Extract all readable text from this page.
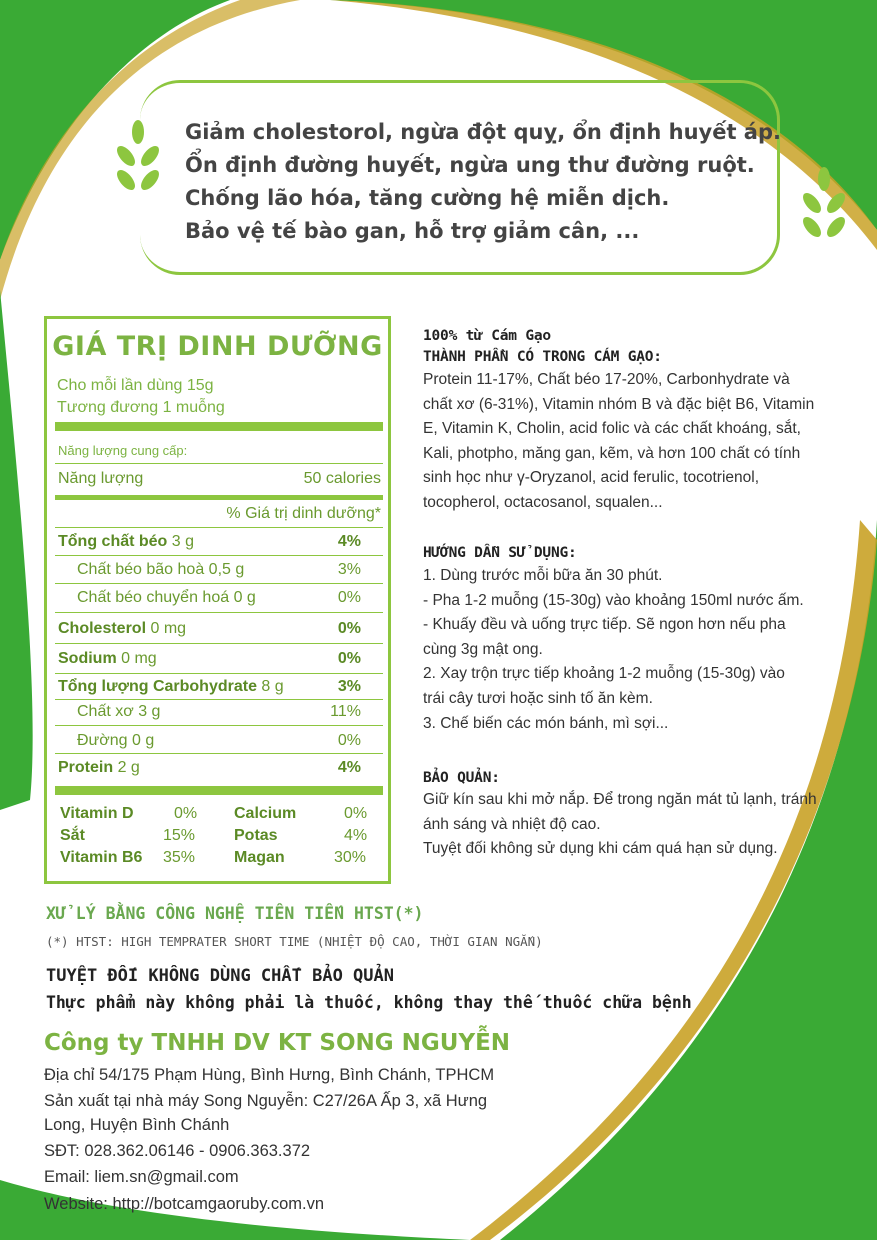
Giảm cholestorol, ngừa đột quỵ, ổn định huyết áp.
Ổn định đường huyết, ngừa ung thư đường ruột.
Chống lão hóa, tăng cường hệ miễn dịch.
Bảo vệ tế bào gan, hỗ trợ giảm cân, ...
GIÁ TRỊ DINH DƯỠNG
Cho mỗi lần dùng 15g
Tương đương 1 muỗng
Năng lượng cung cấp:
Năng lượng	50 calories
% Giá trị dinh dưỡng*
Tổng chất béo 3 g	4%
Chất béo bão hoà 0,5 g	3%
Chất béo chuyển hoá 0 g	0%
Cholesterol 0 mg	0%
Sodium 0 mg	0%
Tổng lượng Carbohydrate 8 g	3%
Chất xơ 3 g	11%
Đường 0 g	0%
Protein 2 g	4%
Vitamin D	0% Calcium	0%
Sắt	15% Potas	4%
Vitamin B6 35% Magan	30%
100% từ Cám Gạo
THÀNH PHẦN CÓ TRONG CÁM GẠO:
Protein 11-17%, Chất béo 17-20%, Carbonhydrate và
chất xơ (6-31%), Vitamin nhóm B và đặc biệt B6, Vitamin
E, Vitamin K, Cholin, acid folic và các chất khoáng, sắt,
Kali, photpho, măng gan, kẽm, và hơn 100 chất có tính
sinh học như γ-Oryzanol, acid ferulic, tocotrienol,
tocopherol, octacosanol, squalen...
HƯỚNG DẪN SỬ DỤNG:
1. Dùng trước mỗi bữa ăn 30 phút.
- Pha 1-2 muỗng (15-30g) vào khoảng 150ml nước ấm.
- Khuấy đều và uống trực tiếp. Sẽ ngon hơn nếu pha
cùng 3g mật ong.
2. Xay trộn trực tiếp khoảng 1-2 muỗng (15-30g) vào
trái cây tươi hoặc sinh tố ăn kèm.
3. Chế biến các món bánh, mì sợi...
BẢO QUẢN:
Giữ kín sau khi mở nắp. Để trong ngăn mát tủ lạnh, tránh
ánh sáng và nhiệt độ cao.
Tuyệt đối không sử dụng khi cám quá hạn sử dụng.
XỬ LÝ BẰNG CÔNG NGHỆ TIÊN TIẾN HTST(*)
(*) HTST: HIGH TEMPRATER SHORT TIME (NHIỆT ĐỘ CAO, THỜI GIAN NGẮN)
TUYỆT ĐỐI KHÔNG DÙNG CHẤT BẢO QUẢN
Thực phẩm này không phải là thuốc, không thay thế thuốc chữa bệnh
Công ty TNHH DV KT SONG NGUYỄN
Địa chỉ 54/175 Phạm Hùng, Bình Hưng, Bình Chánh, TPHCM
Sản xuất tại nhà máy Song Nguyễn: C27/26A Ấp 3, xã Hưng
Long, Huyện Bình Chánh
SĐT: 028.362.06146 - 0906.363.372
Email: liem.sn@gmail.com
Website: http://botcamgaoruby.com.vn
